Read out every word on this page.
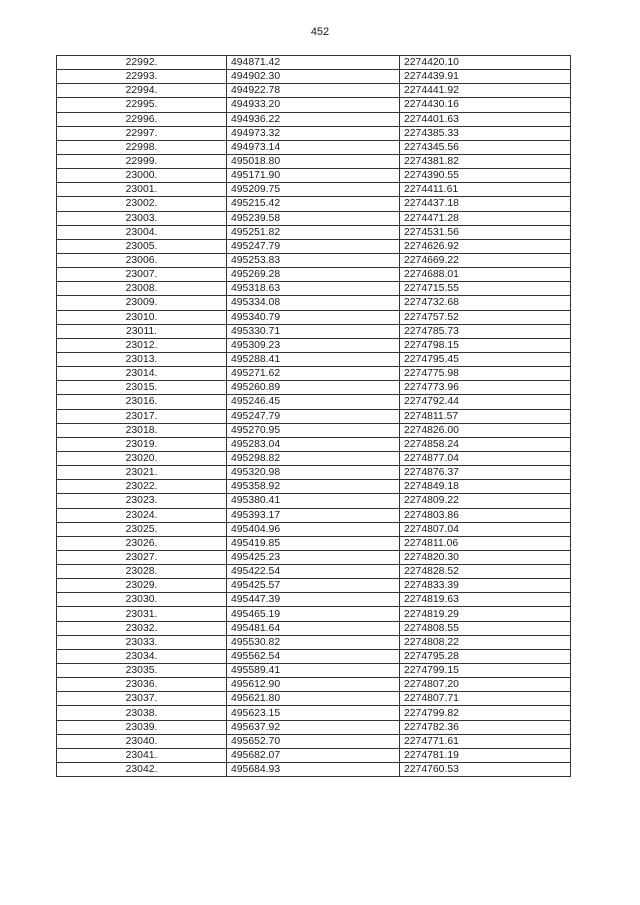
452
22992.	494871.42	2274420.10
22993.	494902.30	2274439.91
22994.	494922.78	2274441.92
22995.	494933.20	2274430.16
22996.	494936.22	2274401.63
22997.	494973.32	2274385.33
22998.	494973.14	2274345.56
22999.	495018.80	2274381.82
23000.	495171.90	2274390.55
23001.	495209.75	2274411.61
23002.	495215.42	2274437.18
23003.	495239.58	2274471.28
23004.	495251.82	2274531.56
23005.	495247.79	2274626.92
23006.	495253.83	2274669.22
23007.	495269.28	2274688.01
23008.	495318.63	2274715.55
23009.	495334.08	2274732.68
23010.	495340.79	2274757.52
23011.	495330.71	2274785.73
23012.	495309.23	2274798.15
23013.	495288.41	2274795.45
23014.	495271.62	2274775.98
23015.	495260.89	2274773.96
23016.	495246.45	2274792.44
23017.	495247.79	2274811.57
23018.	495270.95	2274826.00
23019.	495283.04	2274858.24
23020.	495298.82	2274877.04
23021.	495320.98	2274876.37
23022.	495358.92	2274849.18
23023.	495380.41	2274809.22
23024.	495393.17	2274803.86
23025.	495404.96	2274807.04
23026.	495419.85	2274811.06
23027.	495425.23	2274820.30
23028.	495422.54	2274828.52
23029.	495425.57	2274833.39
23030.	495447.39	2274819.63
23031.	495465.19	2274819.29
23032.	495481.64	2274808.55
23033.	495530.82	2274808.22
23034.	495562.54	2274795.28
23035.	495589.41	2274799.15
23036.	495612.90	2274807.20
23037.	495621.80	2274807.71
23038.	495623.15	2274799.82
23039.	495637.92	2274782.36
23040.	495652.70	2274771.61
23041.	495682.07	2274781.19
23042.	495684.93	2274760.53
